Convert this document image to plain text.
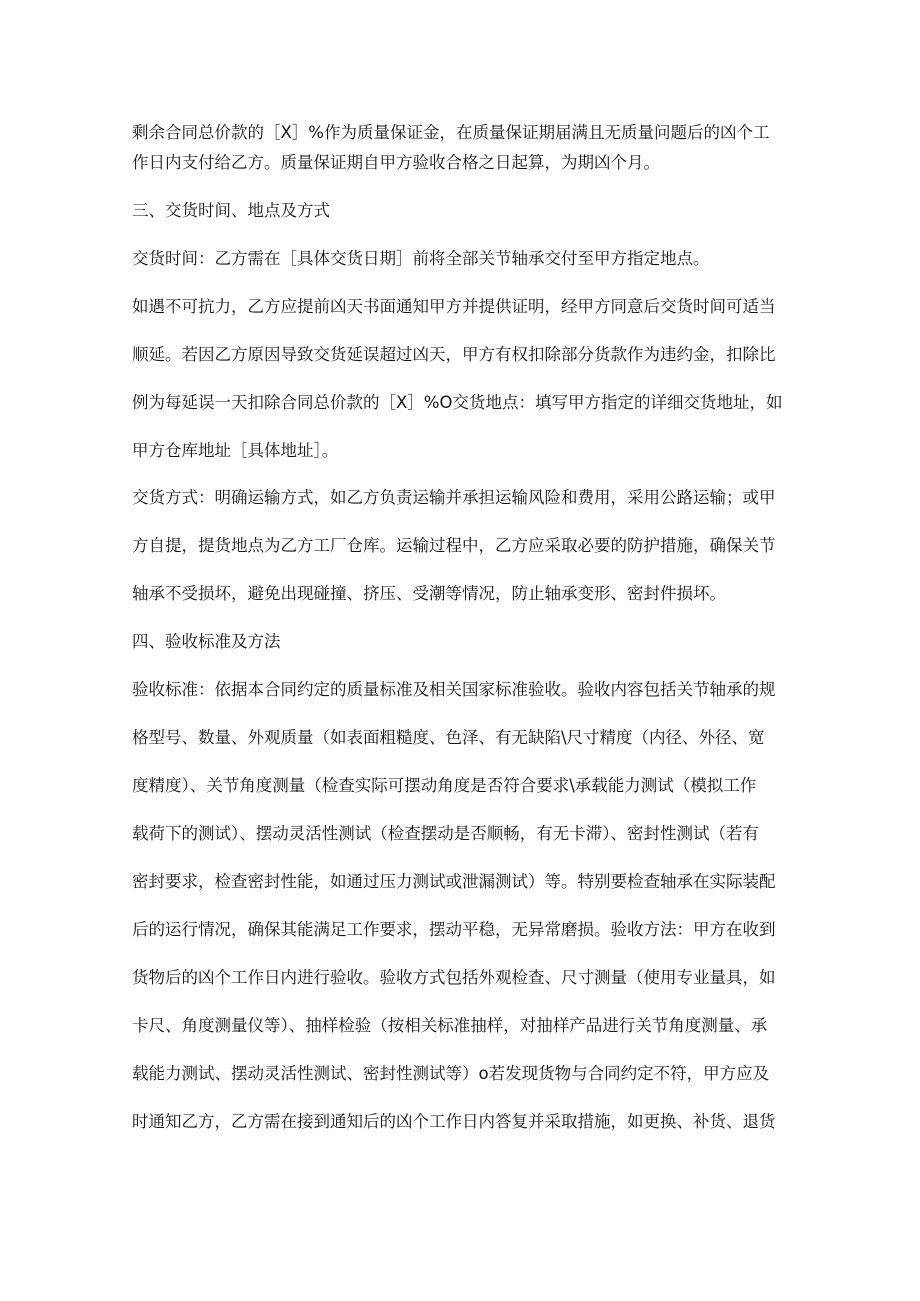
剩余合同总价款的［X］%作为质量保证金，在质量保证期届满且无质量问题后的凶个工
作日内支付给乙方。质量保证期自甲方验收合格之日起算，为期凶个月。
三、交货时间、地点及方式
交货时间：乙方需在［具体交货日期］前将全部关节轴承交付至甲方指定地点。
如遇不可抗力，乙方应提前凶天书面通知甲方并提供证明，经甲方同意后交货时间可适当
顺延。若因乙方原因导致交货延误超过凶天，甲方有权扣除部分货款作为违约金，扣除比
例为每延误一天扣除合同总价款的［X］%O交货地点：填写甲方指定的详细交货地址，如
甲方仓库地址［具体地址］。
交货方式：明确运输方式，如乙方负责运输并承担运输风险和费用，采用公路运输；或甲
方自提，提货地点为乙方工厂仓库。运输过程中，乙方应采取必要的防护措施，确保关节
轴承不受损坏，避免出现碰撞、挤压、受潮等情况，防止轴承变形、密封件损坏。
四、验收标准及方法
验收标准：依据本合同约定的质量标准及相关国家标准验收。验收内容包括关节轴承的规
格型号、数量、外观质量（如表面粗糙度、色泽、有无缺陷\尺寸精度（内径、外径、宽
度精度）、关节角度测量（检查实际可摆动角度是否符合要求\承载能力测试（模拟工作
载荷下的测试）、摆动灵活性测试（检查摆动是否顺畅，有无卡滞）、密封性测试（若有
密封要求，检查密封性能，如通过压力测试或泄漏测试）等。特别要检查轴承在实际装配
后的运行情况，确保其能满足工作要求，摆动平稳，无异常磨损。验收方法：甲方在收到
货物后的凶个工作日内进行验收。验收方式包括外观检查、尺寸测量（使用专业量具，如
卡尺、角度测量仪等）、抽样检验（按相关标准抽样，对抽样产品进行关节角度测量、承
载能力测试、摆动灵活性测试、密封性测试等）o若发现货物与合同约定不符，甲方应及
时通知乙方，乙方需在接到通知后的凶个工作日内答复并采取措施，如更换、补货、退货
